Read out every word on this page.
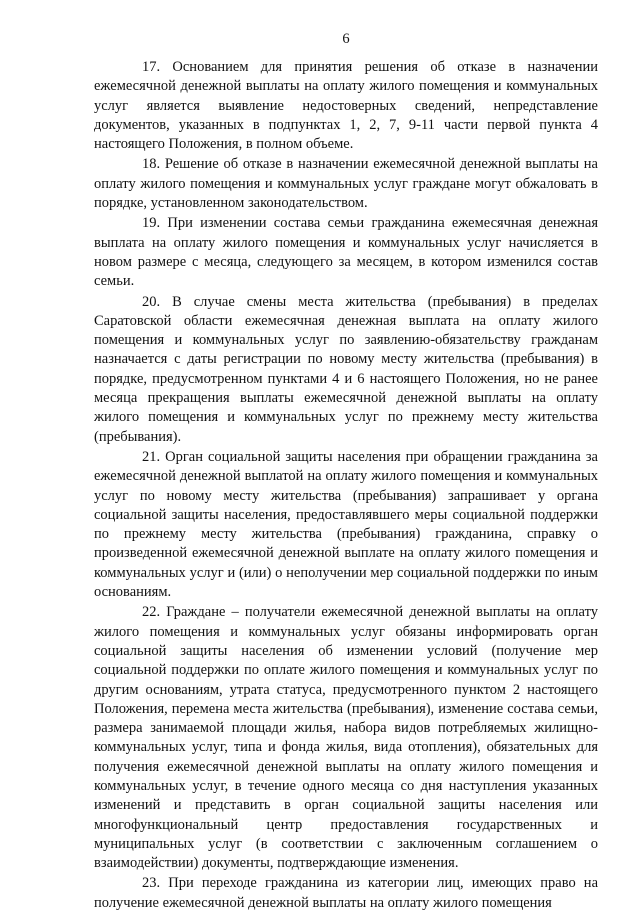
6

17. Основанием для принятия решения об отказе в назначении ежемесячной денежной выплаты на оплату жилого помещения и коммунальных услуг является выявление недостоверных сведений, непредставление документов, указанных в подпунктах 1, 2, 7, 9-11 части первой пункта 4 настоящего Положения, в полном объеме.

18. Решение об отказе в назначении ежемесячной денежной выплаты на оплату жилого помещения и коммунальных услуг граждане могут обжаловать в порядке, установленном законодательством.

19. При изменении состава семьи гражданина ежемесячная денежная выплата на оплату жилого помещения и коммунальных услуг начисляется в новом размере с месяца, следующего за месяцем, в котором изменился состав семьи.

20. В случае смены места жительства (пребывания) в пределах Саратовской области ежемесячная денежная выплата на оплату жилого помещения и коммунальных услуг по заявлению-обязательству гражданам назначается с даты регистрации по новому месту жительства (пребывания) в порядке, предусмотренном пунктами 4 и 6 настоящего Положения, но не ранее месяца прекращения выплаты ежемесячной денежной выплаты на оплату жилого помещения и коммунальных услуг по прежнему месту жительства (пребывания).

21. Орган социальной защиты населения при обращении гражданина за ежемесячной денежной выплатой на оплату жилого помещения и коммунальных услуг по новому месту жительства (пребывания) запрашивает у органа социальной защиты населения, предоставлявшего меры социальной поддержки по прежнему месту жительства (пребывания) гражданина, справку о произведенной ежемесячной денежной выплате на оплату жилого помещения и коммунальных услуг и (или) о неполучении мер социальной поддержки по иным основаниям.

22. Граждане – получатели ежемесячной денежной выплаты на оплату жилого помещения и коммунальных услуг обязаны информировать орган социальной защиты населения об изменении условий (получение мер социальной поддержки по оплате жилого помещения и коммунальных услуг по другим основаниям, утрата статуса, предусмотренного пунктом 2 настоящего Положения, перемена места жительства (пребывания), изменение состава семьи, размера занимаемой площади жилья, набора видов потребляемых жилищно-коммунальных услуг, типа и фонда жилья, вида отопления), обязательных для получения ежемесячной денежной выплаты на оплату жилого помещения и коммунальных услуг, в течение одного месяца со дня наступления указанных изменений и представить в орган социальной защиты населения или многофункциональный центр предоставления государственных и муниципальных услуг (в соответствии с заключенным соглашением о взаимодействии) документы, подтверждающие изменения.

23. При переходе гражданина из категории лиц, имеющих право на получение ежемесячной денежной выплаты на оплату жилого помещения
